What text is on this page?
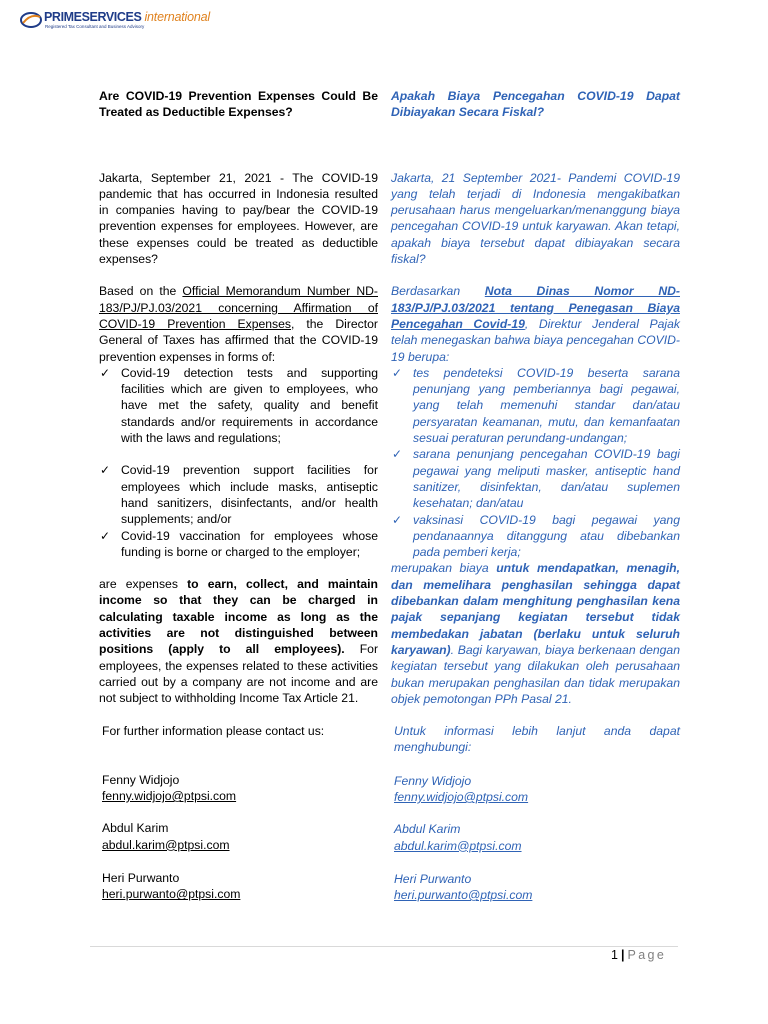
PRIMESERVICES international
Registered Tax Consultant and Business Advisory

Are COVID-19 Prevention Expenses Could Be Treated as Deductible Expenses?

Jakarta, September 21, 2021 - The COVID-19 pandemic that has occurred in Indonesia resulted in companies having to pay/bear the COVID-19 prevention expenses for employees. However, are these expenses could be treated as deductible expenses?

Based on the Official Memorandum Number ND-183/PJ/PJ.03/2021 concerning Affirmation of COVID-19 Prevention Expenses, the Director General of Taxes has affirmed that the COVID-19 prevention expenses in forms of:

✓ Covid-19 detection tests and supporting facilities which are given to employees, who have met the safety, quality and benefit standards and/or requirements in accordance with the laws and regulations;
✓ Covid-19 prevention support facilities for employees which include masks, antiseptic hand sanitizers, disinfectants, and/or health supplements; and/or
✓ Covid-19 vaccination for employees whose funding is borne or charged to the employer;

are expenses to earn, collect, and maintain income so that they can be charged in calculating taxable income as long as the activities are not distinguished between positions (apply to all employees). For employees, the expenses related to these activities carried out by a company are not income and are not subject to withholding Income Tax Article 21.

For further information please contact us:

Fenny Widjojo

fenny.widjojo@ptpsi.com

Abdul Karim

abdul.karim@ptpsi.com

Heri Purwanto

heri.purwanto@ptpsi.com

Apakah Biaya Pencegahan COVID-19 Dapat Dibiayakan Secara Fiskal?

Jakarta, 21 September 2021- Pandemi COVID-19 yang telah terjadi di Indonesia mengakibatkan perusahaan harus mengeluarkan/menanggung biaya pencegahan COVID-19 untuk karyawan. Akan tetapi, apakah biaya tersebut dapat dibiayakan secara fiskal?

Berdasarkan Nota Dinas Nomor ND-183/PJ/PJ.03/2021 tentang Penegasan Biaya Pencegahan Covid-19, Direktur Jenderal Pajak telah menegaskan bahwa biaya pencegahan COVID-19 berupa:

✓ tes pendeteksi COVID-19 beserta sarana penunjang yang pemberiannya bagi pegawai, yang telah memenuhi standar dan/atau persyaratan keamanan, mutu, dan kemanfaatan sesuai peraturan perundang-undangan;
✓ sarana penunjang pencegahan COVID-19 bagi pegawai yang meliputi masker, antiseptic hand sanitizer, disinfektan, dan/atau suplemen kesehatan; dan/atau
✓ vaksinasi COVID-19 bagi pegawai yang pendanaannya ditanggung atau dibebankan pada pemberi kerja;

merupakan biaya untuk mendapatkan, menagih, dan memelihara penghasilan sehingga dapat dibebankan dalam menghitung penghasilan kena pajak sepanjang kegiatan tersebut tidak membedakan jabatan (berlaku untuk seluruh karyawan). Bagi karyawan, biaya berkenaan dengan kegiatan tersebut yang dilakukan oleh perusahaan bukan merupakan penghasilan dan tidak merupakan objek pemotongan PPh Pasal 21.

Untuk informasi lebih lanjut anda dapat menghubungi:

Fenny Widjojo

fenny.widjojo@ptpsi.com

Abdul Karim

abdul.karim@ptpsi.com

Heri Purwanto

heri.purwanto@ptpsi.com

1 | Page
